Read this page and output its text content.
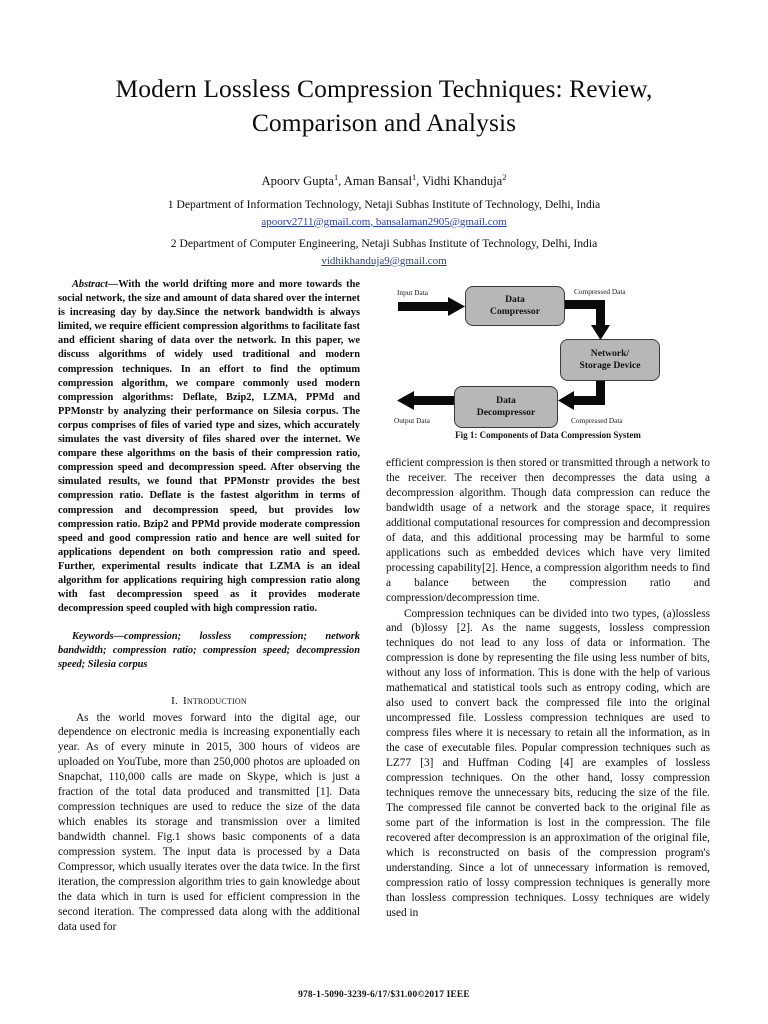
Modern Lossless Compression Techniques: Review, Comparison and Analysis
Apoorv Gupta$^1$, Aman Bansal$^1$, Vidhi Khanduja$^2$
1 Department of Information Technology, Netaji Subhas Institute of Technology, Delhi, India
apoorv2711@gmail.com, bansalaman2905@gmail.com
2 Department of Computer Engineering, Netaji Subhas Institute of Technology, Delhi, India
vidhikhanduja9@gmail.com

Abstract—With the world drifting more and more towards the social network, the size and amount of data shared over the internet is increasing day by day.Since the network bandwidth is always limited, we require efficient compression algorithms to facilitate fast and efficient sharing of data over the network. In this paper, we discuss algorithms of widely used traditional and modern compression techniques. In an effort to find the optimum compression algorithm, we compare commonly used modern compression algorithms: Deflate, Bzip2, LZMA, PPMd and PPMonstr by analyzing their performance on Silesia corpus. The corpus comprises of files of varied type and sizes, which accurately simulates the vast diversity of files shared over the internet. We compare these algorithms on the basis of their compression ratio, compression speed and decompression speed. After observing the simulated results, we found that PPMonstr provides the best compression ratio. Deflate is the fastest algorithm in terms of compression and decompression speed, but provides low compression ratio. Bzip2 and PPMd provide moderate compression speed and good compression ratio and hence are well suited for applications dependent on both compression ratio and speed. Further, experimental results indicate that LZMA is an ideal algorithm for applications requiring high compression ratio along with fast decompression speed as it provides moderate decompression speed coupled with high compression ratio.

Keywords—compression; lossless compression; network bandwidth; compression ratio; compression speed; decompression speed; Silesia corpus

I. Introduction

As the world moves forward into the digital age, our dependence on electronic media is increasing exponentially each year. As of every minute in 2015, 300 hours of videos are uploaded on YouTube, more than 250,000 photos are uploaded on Snapchat, 110,000 calls are made on Skype, which is just a fraction of the total data produced and transmitted [1]. Data compression techniques are used to reduce the size of the data which enables its storage and transmission over a limited bandwidth channel. Fig.1 shows basic components of a data compression system. The input data is processed by a Data Compressor, which usually iterates over the data twice. In the first iteration, the compression algorithm tries to gain knowledge about the data which in turn is used for efficient compression in the second iteration. The compressed data along with the additional data used for

Data
Compressor
Network/
Storage Device
Data
Decompressor
Input Data	Compressed Data
Compressed Data
Output Data
Fig 1: Components of Data Compression System

efficient compression is then stored or transmitted through a network to the receiver. The receiver then decompresses the data using a decompression algorithm. Though data compression can reduce the bandwidth usage of a network and the storage space, it requires additional computational resources for compression and decompression of data, and this additional processing may be harmful to some applications such as embedded devices which have very limited processing capability[2]. Hence, a compression algorithm needs to find a balance between the compression ratio and compression/decompression time.

Compression techniques can be divided into two types, (a)lossless and (b)lossy [2]. As the name suggests, lossless compression techniques do not lead to any loss of data or information. The compression is done by representing the file using less number of bits, without any loss of information. This is done with the help of various mathematical and statistical tools such as entropy coding, which are also used to convert back the compressed file into the original uncompressed file. Lossless compression techniques are used to compress files where it is necessary to retain all the information, as in the case of executable files. Popular compression techniques such as LZ77 [3] and Huffman Coding [4] are examples of lossless compression techniques. On the other hand, lossy compression techniques remove the unnecessary bits, reducing the size of the file. The compressed file cannot be converted back to the original file as some part of the information is lost in the compression. The file recovered after decompression is an approximation of the original file, which is reconstructed on basis of the compression program's understanding. Since a lot of unnecessary information is removed, compression ratio of lossy compression techniques is generally more than lossless compression techniques. Lossy techniques are widely used in

978-1-5090-3239-6/17/$31.00©2017 IEEE
